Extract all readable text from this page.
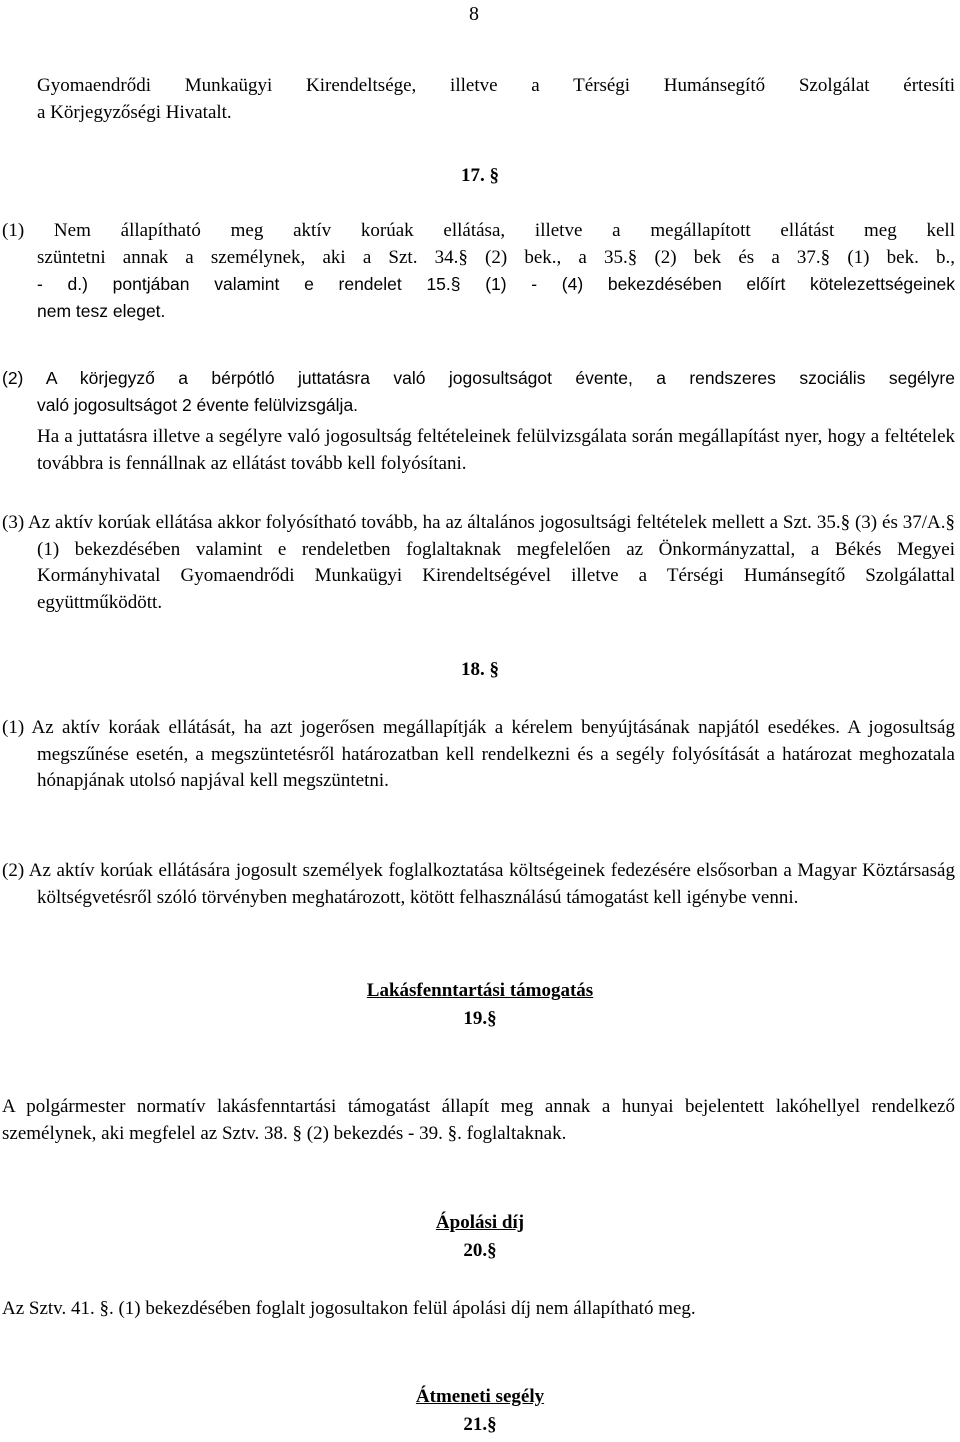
8
Gyomaendrődi Munkaügyi Kirendeltsége, illetve a Térségi Humánsegítő Szolgálat értesíti
a Körjegyzőségi Hivatalt.
17. §
(1) Nem állapítható meg aktív korúak ellátása, illetve a megállapított ellátást meg kell
szüntetni annak a személynek, aki a Szt. 34.§ (2) bek., a 35.§ (2) bek és a 37.§ (1) bek. b.,
- d.) pontjában valamint e rendelet 15.§ (1) - (4) bekezdésében előírt kötelezettségeinek
nem tesz eleget.
(2) A körjegyző a bérpótló juttatásra való jogosultságot évente, a rendszeres szociális segélyre
való jogosultságot 2 évente felülvizsgálja.
Ha a juttatásra illetve a segélyre való jogosultság feltételeinek felülvizsgálata során megállapítást nyer, hogy a feltételek továbbra is fennállnak az ellátást tovább kell folyósítani.
(3) Az aktív korúak ellátása akkor folyósítható tovább, ha az általános jogosultsági feltételek mellett a Szt. 35.§ (3) és 37/A.§ (1) bekezdésében valamint e rendeletben foglaltaknak megfelelően az Önkormányzattal, a Békés Megyei Kormányhivatal Gyomaendrődi Munkaügyi Kirendeltségével illetve a Térségi Humánsegítő Szolgálattal együttműködött.
18. §
(1) Az aktív koráak ellátását, ha azt jogerősen megállapítják a kérelem benyújtásának napjától esedékes. A jogosultság megszűnése esetén, a megszüntetésről határozatban kell rendelkezni és a segély folyósítását a határozat meghozatala hónapjának utolsó napjával kell megszüntetni.
(2) Az aktív korúak ellátására jogosult személyek foglalkoztatása költségeinek fedezésére elsősorban a Magyar Köztársaság költségvetésről szóló törvényben meghatározott, kötött felhasználású támogatást kell igénybe venni.
Lakásfenntartási támogatás
19.§
A polgármester normatív lakásfenntartási támogatást állapít meg annak a hunyai bejelentett lakóhellyel rendelkező személynek, aki megfelel az Sztv. 38. § (2) bekezdés - 39. §. foglaltaknak.
Ápolási díj
20.§
Az Sztv. 41. §. (1) bekezdésében foglalt jogosultakon felül ápolási díj nem állapítható meg.
Átmeneti segély
21.§
